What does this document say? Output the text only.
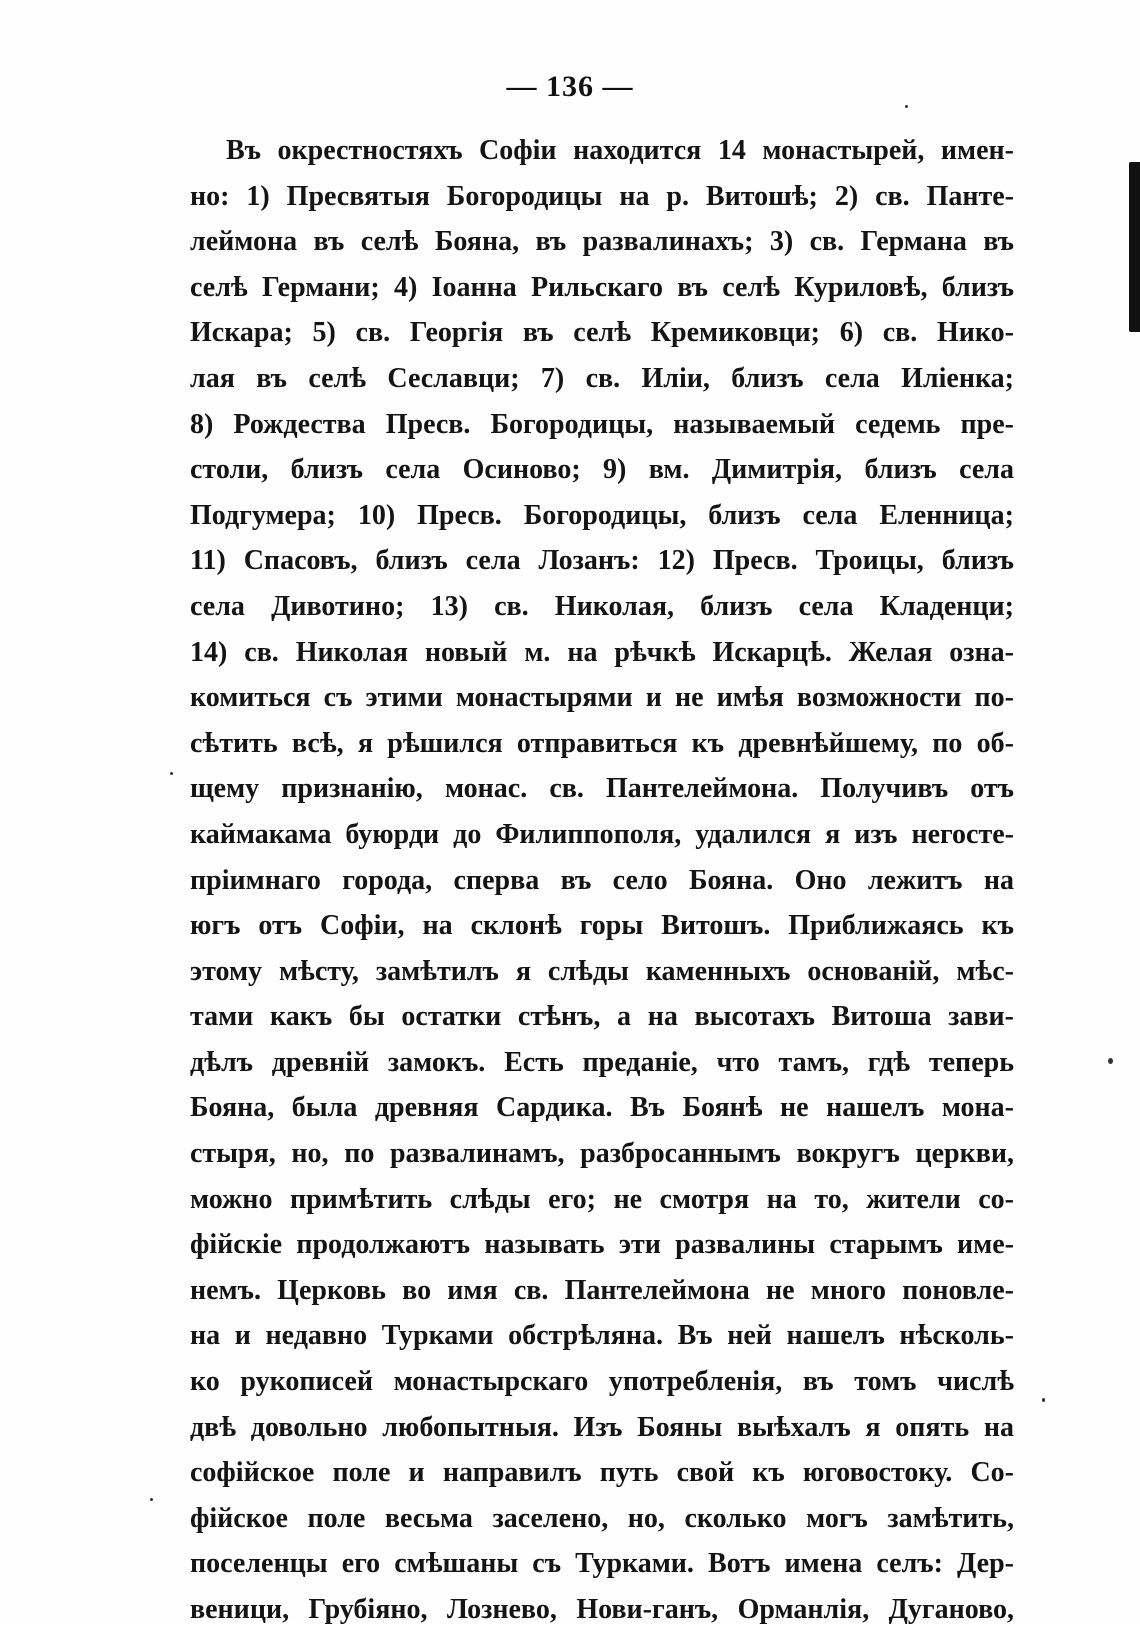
— 136 —
Въ окрестностяхъ Софіи находится 14 монастырей, имен-
но: 1) Пресвятыя Богородицы на р. Витошѣ; 2) св. Панте-
леймона въ селѣ Бояна, въ развалинахъ; 3) св. Германа въ
селѣ Германи; 4) Іоанна Рильскаго въ селѣ Куриловѣ, близъ
Искара; 5) св. Георгія въ селѣ Кремиковци; 6) св. Нико-
лая въ селѣ Сеславци; 7) св. Иліи, близъ села Иліенка;
8) Рождества Пресв. Богородицы, называемый седемь пре-
столи, близъ села Осиново; 9) вм. Димитрія, близъ села
Подгумера; 10) Пресв. Богородицы, близъ села Еленница;
11) Спасовъ, близъ села Лозанъ: 12) Пресв. Троицы, близъ
села Дивотино; 13) св. Николая, близъ села Кладенци;
14) св. Николая новый м. на рѣчкѣ Искарцѣ. Желая озна-
комиться съ этими монастырями и не имѣя возможности по-
сѣтить всѣ, я рѣшился отправиться къ древнѣйшему, по об-
щему признанію, монас. св. Пантелеймона. Получивъ отъ
каймакама буюрди до Филиппополя, удалился я изъ негосте-
пріимнаго города, сперва въ село Бояна. Оно лежитъ на
югъ отъ Софіи, на склонѣ горы Витошъ. Приближаясь къ
этому мѣсту, замѣтилъ я слѣды каменныхъ основаній, мѣс-
тами какъ бы остатки стѣнъ, а на высотахъ Витоша зави-
дѣлъ древній замокъ. Есть преданіе, что тамъ, гдѣ теперь
Бояна, была древняя Сардика. Въ Боянѣ не нашелъ мона-
стыря, но, по развалинамъ, разбросаннымъ вокругъ церкви,
можно примѣтить слѣды его; не смотря на то, жители со-
фійскіе продолжаютъ называть эти развалины старымъ име-
немъ. Церковь во имя св. Пантелеймона не много поновле-
на и недавно Турками обстрѣляна. Въ ней нашелъ нѣсколь-
ко рукописей монастырскаго употребленія, въ томъ числѣ
двѣ довольно любопытныя. Изъ Бояны выѣхалъ я опять на
софійское поле и направилъ путь свой къ юговостоку. Со-
фійское поле весьма заселено, но, сколько могъ замѣтить,
поселенцы его смѣшаны съ Турками. Вотъ имена селъ: Дер-
веници, Грубіяно, Лознево, Нови-ганъ, Орманлія, Дуганово,
